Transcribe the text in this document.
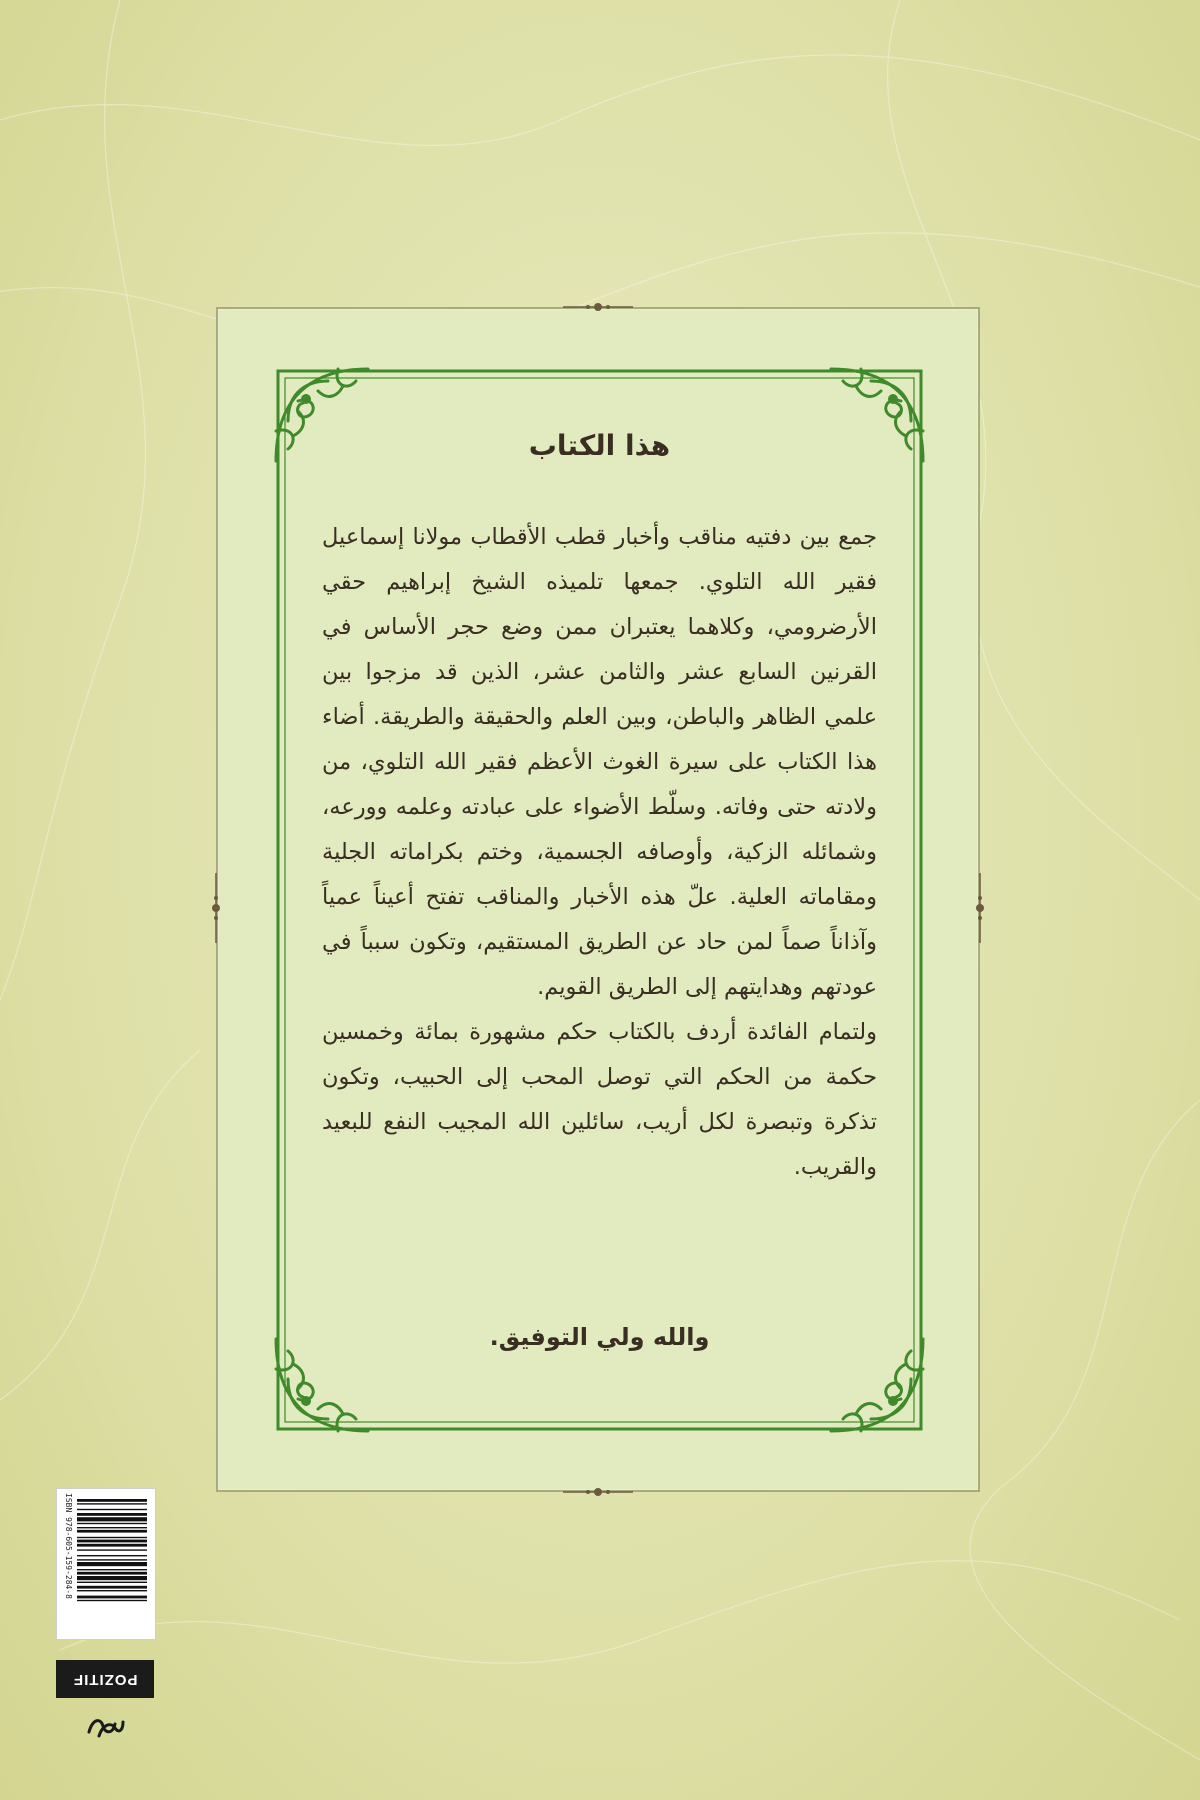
هذا الكتاب

جمع بين دفتيه مناقب وأخبار قطب الأقطاب مولانا إسماعيل فقير الله التلوي. جمعها تلميذه الشيخ إبراهيم حقي الأرضرومي، وكلاهما يعتبران ممن وضع حجر الأساس في القرنين السابع عشر والثامن عشر، الذين قد مزجوا بين علمي الظاهر والباطن، وبين العلم والحقيقة والطريقة. أضاء هذا الكتاب على سيرة الغوث الأعظم فقير الله التلوي، من ولادته حتى وفاته. وسلّط الأضواء على عبادته وعلمه وورعه، وشمائله الزكية، وأوصافه الجسمية، وختم بكراماته الجلية ومقاماته العلية. علّ هذه الأخبار والمناقب تفتح أعيناً عمياً وآذاناً صماً لمن حاد عن الطريق المستقيم، وتكون سبباً في عودتهم وهدايتهم إلى الطريق القويم.

ولتمام الفائدة أردف بالكتاب حكم مشهورة بمائة وخمسين حكمة من الحكم التي توصل المحب إلى الحبيب، وتكون تذكرة وتبصرة لكل أريب، سائلين الله المجيب النفع للبعيد والقريب.

والله ولي التوفيق.
ISBN 978-605-159-284-8
POZITIF
